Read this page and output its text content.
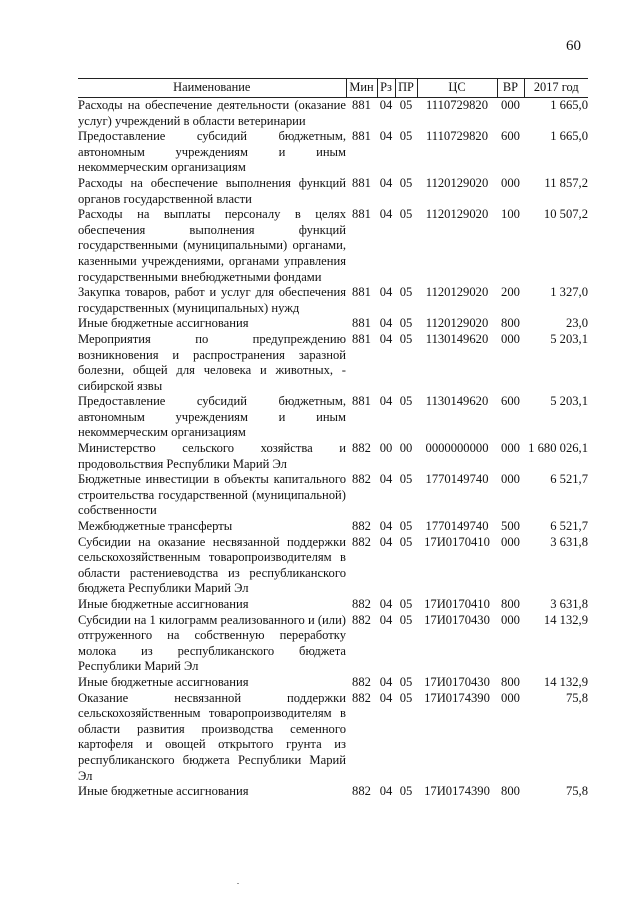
60
Наименование	Мин	Рз	ПР	ЦС	ВР	2017 год
Расходы на обеспечение деятельности (оказание услуг) учреждений в области ветеринарии	881	04	05	1110729820	000	1 665,0
Предоставление субсидий бюджетным, автономным учреждениям и иным некоммерческим организациям	881	04	05	1110729820	600	1 665,0
Расходы на обеспечение выполнения функций органов государственной власти	881	04	05	1120129020	000	11 857,2
Расходы на выплаты персоналу в целях обеспечения выполнения функций государственными (муниципальными) органами, казенными учреждениями, органами управления государственными внебюджетными фондами	881	04	05	1120129020	100	10 507,2
Закупка товаров, работ и услуг для обеспечения государственных (муниципальных) нужд	881	04	05	1120129020	200	1 327,0
Иные бюджетные ассигнования	881	04	05	1120129020	800	23,0
Мероприятия по предупреждению возникновения и распространения заразной болезни, общей для человека и животных, - сибирской язвы	881	04	05	1130149620	000	5 203,1
Предоставление субсидий бюджетным, автономным учреждениям и иным некоммерческим организациям	881	04	05	1130149620	600	5 203,1
Министерство сельского хозяйства и продовольствия Республики Марий Эл	882	00	00	0000000000	000	1 680 026,1
Бюджетные инвестиции в объекты капитального строительства государственной (муниципальной) собственности	882	04	05	1770149740	000	6 521,7
Межбюджетные трансферты	882	04	05	1770149740	500	6 521,7
Субсидии на оказание несвязанной поддержки сельскохозяйственным товаропроизводителям в области растениеводства из республиканского бюджета Республики Марий Эл	882	04	05	17И0170410	000	3 631,8
Иные бюджетные ассигнования	882	04	05	17И0170410	800	3 631,8
Субсидии на 1 килограмм реализованного и (или) отгруженного на собственную переработку молока из республиканского бюджета Республики Марий Эл	882	04	05	17И0170430	000	14 132,9
Иные бюджетные ассигнования	882	04	05	17И0170430	800	14 132,9
Оказание несвязанной поддержки сельскохозяйственным товаропроизводителям в области развития производства семенного картофеля и овощей открытого грунта из республиканского бюджета Республики Марий Эл	882	04	05	17И0174390	000	75,8
Иные бюджетные ассигнования	882	04	05	17И0174390	800	75,8
